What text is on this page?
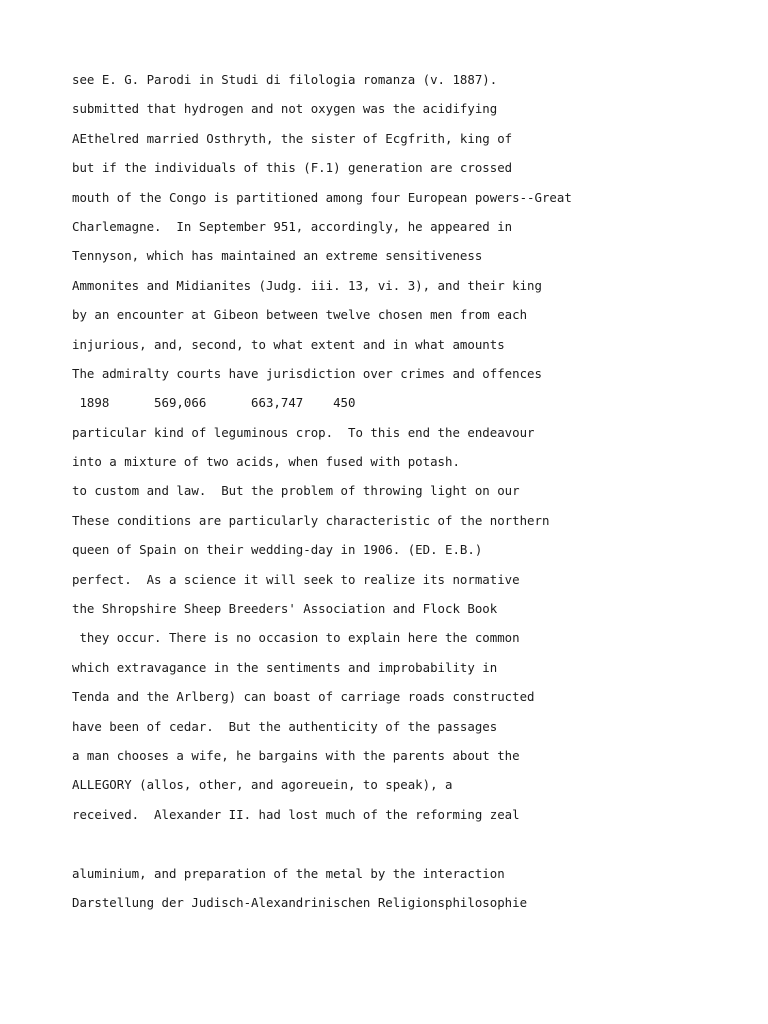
see E. G. Parodi in Studi di filologia romanza (v. 1887).
submitted that hydrogen and not oxygen was the acidifying
AEthelred married Osthryth, the sister of Ecgfrith, king of
but if the individuals of this (F.1) generation are crossed
mouth of the Congo is partitioned among four European powers--Great
Charlemagne.  In September 951, accordingly, he appeared in
Tennyson, which has maintained an extreme sensitiveness
Ammonites and Midianites (Judg. iii. 13, vi. 3), and their king
by an encounter at Gibeon between twelve chosen men from each
injurious, and, second, to what extent and in what amounts
The admiralty courts have jurisdiction over crimes and offences
1898      569,066      663,747    450
particular kind of leguminous crop.  To this end the endeavour
into a mixture of two acids, when fused with potash.
to custom and law.  But the problem of throwing light on our
These conditions are particularly characteristic of the northern
queen of Spain on their wedding-day in 1906. (ED. E.B.)
perfect.  As a science it will seek to realize its normative
the Shropshire Sheep Breeders' Association and Flock Book
they occur. There is no occasion to explain here the common
which extravagance in the sentiments and improbability in
Tenda and the Arlberg) can boast of carriage roads constructed
have been of cedar.  But the authenticity of the passages
a man chooses a wife, he bargains with the parents about the
ALLEGORY (allos, other, and agoreuein, to speak), a
received.  Alexander II. had lost much of the reforming zeal
aluminium, and preparation of the metal by the interaction
Darstellung der Judisch-Alexandrinischen Religionsphilosophie
